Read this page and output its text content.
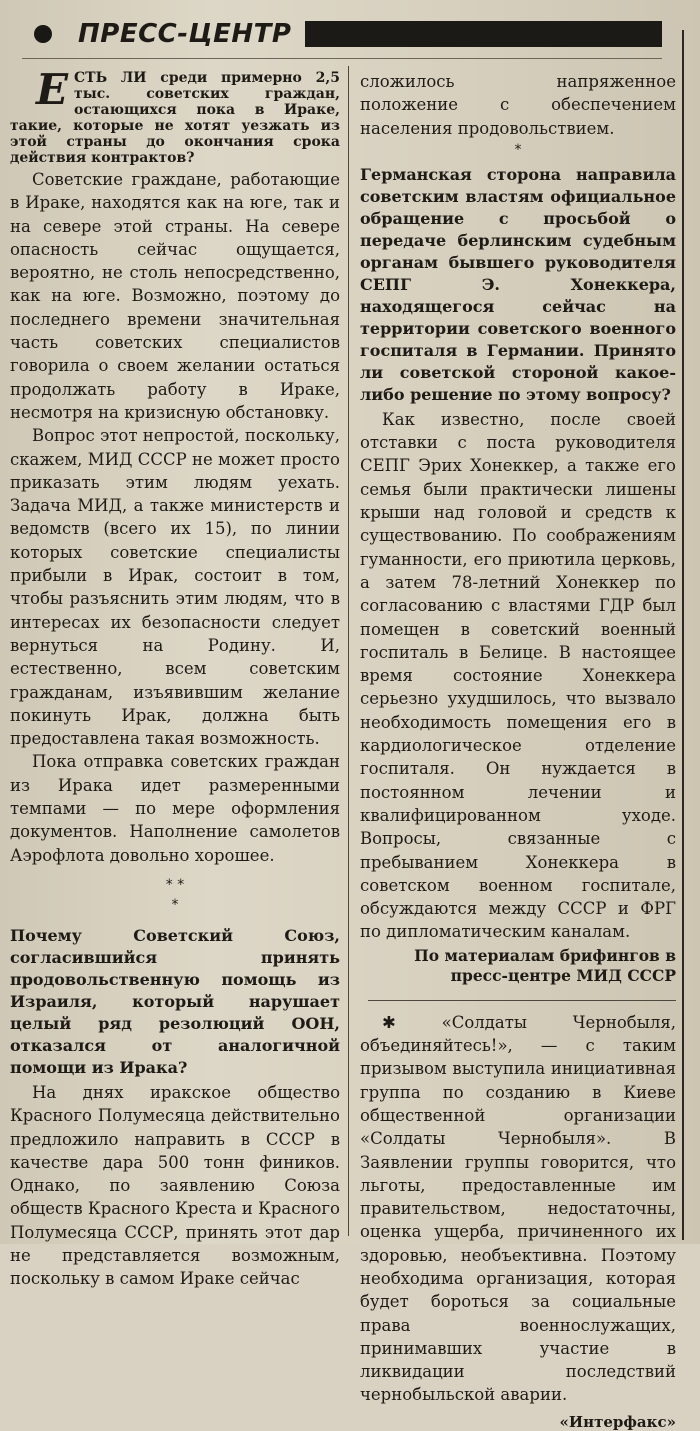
ПРЕСС-ЦЕНТР

Е СТЬ ЛИ среди примерно 2,5 тыс. советских граждан, остающихся пока в Ираке, такие, которые не хотят уезжать из этой страны до окончания срока действия контрактов?

Советские граждане, работающие в Ираке, находятся как на юге, так и на севере этой страны. На севере опасность сейчас ощущается, вероятно, не столь непосредственно, как на юге. Возможно, поэтому до последнего времени значительная часть советских специалистов говорила о своем желании остаться продолжать работу в Ираке, несмотря на кризисную обстановку.

Вопрос этот непростой, поскольку, скажем, МИД СССР не может просто приказать этим людям уехать. Задача МИД, а также министерств и ведомств (всего их 15), по линии которых советские специалисты прибыли в Ирак, состоит в том, чтобы разъяснить этим людям, что в интересах их безопасности следует вернуться на Родину. И, естественно, всем советским гражданам, изъявившим желание покинуть Ирак, должна быть предоставлена такая возможность.

Пока отправка советских граждан из Ирака идет размеренными темпами — по мере оформления документов. Наполнение самолетов Аэрофлота довольно хорошее.

* *
*

Почему Советский Союз, согласившийся принять продовольственную помощь из Израиля, который нарушает целый ряд резолюций ООН, отказался от аналогичной помощи из Ирака?

На днях иракское общество Красного Полумесяца действительно предложило направить в СССР в качестве дара 500 тонн фиников. Однако, по заявлению Союза обществ Красного Креста и Красного Полумесяца СССР, принять этот дар не представляется возможным, поскольку в самом Ираке сейчас

сложилось напряженное положение с обеспечением населения продовольствием.

*

Германская сторона направила советским властям официальное обращение с просьбой о передаче берлинским судебным органам бывшего руководителя СЕПГ Э. Хонеккера, находящегося сейчас на территории советского военного госпиталя в Германии. Принято ли советской стороной какое-либо решение по этому вопросу?

Как известно, после своей отставки с поста руководителя СЕПГ Эрих Хонеккер, а также его семья были практически лишены крыши над головой и средств к существованию. По соображениям гуманности, его приютила церковь, а затем 78-летний Хонеккер по согласованию с властями ГДР был помещен в советский военный госпиталь в Белице. В настоящее время состояние Хонеккера серьезно ухудшилось, что вызвало необходимость помещения его в кардиологическое отделение госпиталя. Он нуждается в постоянном лечении и квалифицированном уходе. Вопросы, связанные с пребыванием Хонеккера в советском военном госпитале, обсуждаются между СССР и ФРГ по дипломатическим каналам.

По материалам брифингов в пресс-центре МИД СССР

✱ «Солдаты Чернобыля, объединяйтесь!», — с таким призывом выступила инициативная группа по созданию в Киеве общественной организации «Солдаты Чернобыля». В Заявлении группы говорится, что льготы, предоставленные им правительством, недостаточны, оценка ущерба, причиненного их здоровью, необъективна. Поэтому необходима организация, которая будет бороться за социальные права военнослужащих, принимавших участие в ликвидации последствий чернобыльской аварии.

«Интерфакс»
